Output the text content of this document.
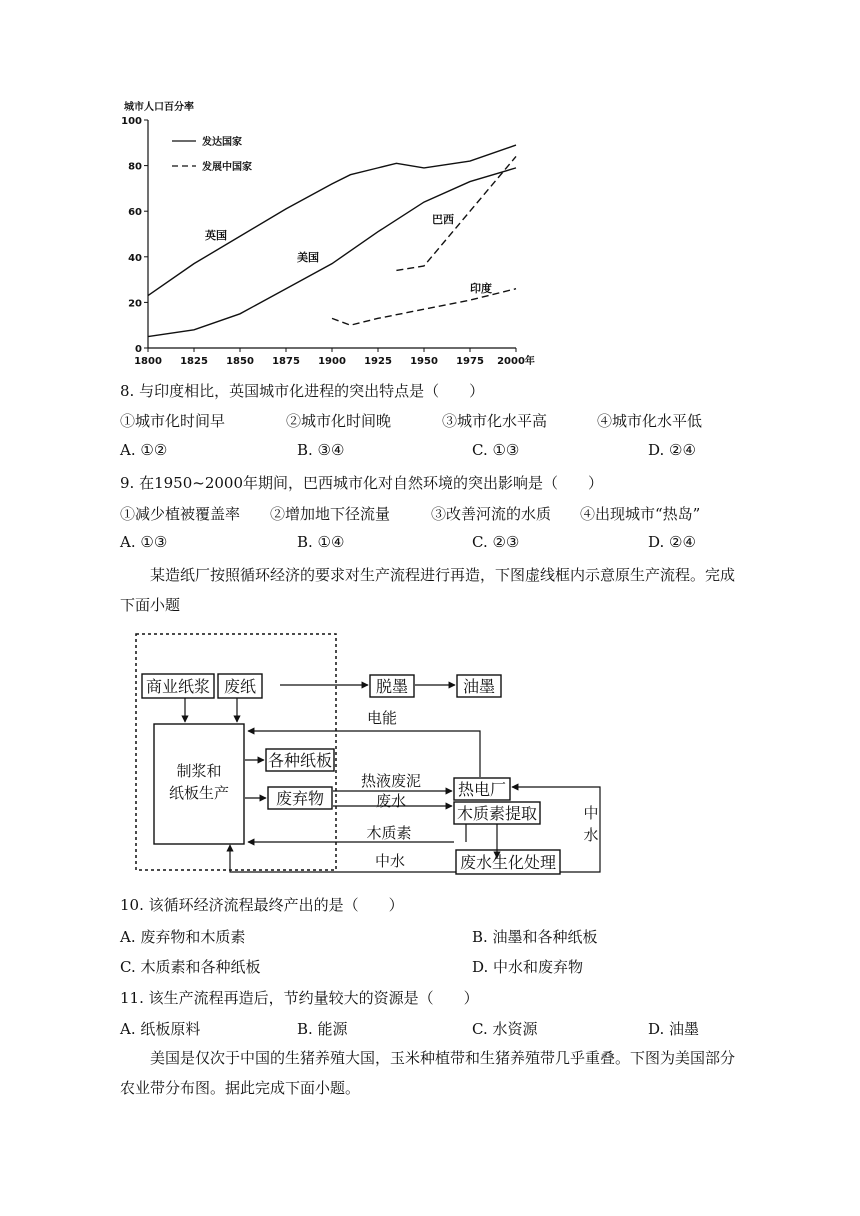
城市人口百分率
1800 1825 1850 1875 1900 1925 1950 1975 2000年
0
20
40
60
80
100
发达国家
发展中国家
英国
美国
巴西
印度
8. 与印度相比，英国城市化进程的突出特点是（　　）
①城市化时间早	②城市化时间晚	③城市化水平高	④城市化水平低
A. ①②	B. ③④	C. ①③	D. ②④
9. 在1950~2000年期间，巴西城市化对自然环境的突出影响是（　　）
①减少植被覆盖率 ②增加地下径流量	③改善河流的水质 ④出现城市“热岛”
A. ①③	B. ①④	C. ②③	D. ②④
某造纸厂按照循环经济的要求对生产流程进行再造，下图虚线框内示意原生产流程。完成下面小题
商业纸浆 废纸	脱墨	油墨
制浆和
纸板生产
各种纸板
废弃物
电能
热电厂
热液废泥
木质素提取
废水
木质素
废水生化处理
中水
中
水
10. 该循环经济流程最终产出的是（　　）
A. 废弃物和木质素	B. 油墨和各种纸板
C. 木质素和各种纸板	D. 中水和废弃物
11. 该生产流程再造后，节约量较大的资源是（　　）
A. 纸板原料	B. 能源	C. 水资源	D. 油墨
美国是仅次于中国的生猪养殖大国，玉米种植带和生猪养殖带几乎重叠。下图为美国部分农业带分布图。据此完成下面小题。
